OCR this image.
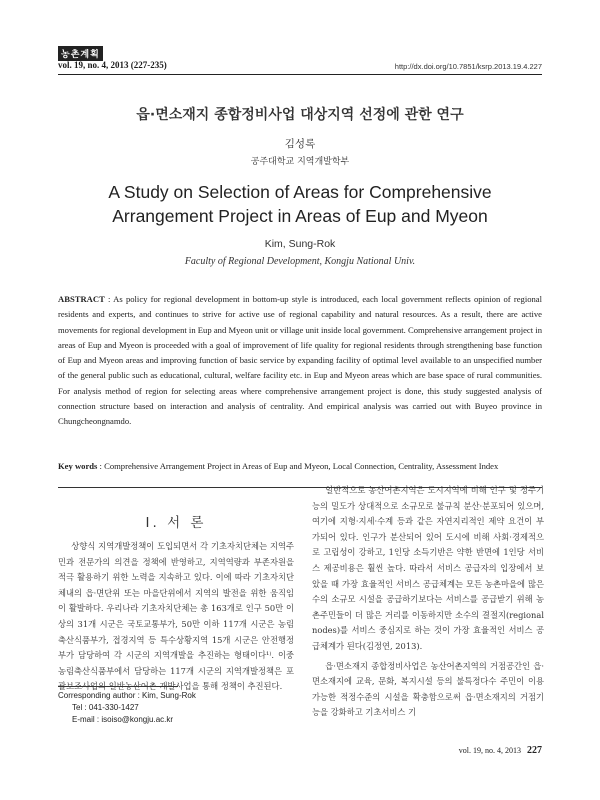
농촌계획
vol. 19, no. 4, 2013 (227-235)	http://dx.doi.org/10.7851/ksrp.2013.19.4.227
읍·면소재지 종합정비사업 대상지역 선정에 관한 연구
김성록
공주대학교 지역개발학부
A Study on Selection of Areas for Comprehensive Arrangement Project in Areas of Eup and Myeon
Kim, Sung-Rok
Faculty of Regional Development, Kongju National Univ.
ABSTRACT : As policy for regional development in bottom-up style is introduced, each local government reflects opinion of regional residents and experts, and continues to strive for active use of regional capability and natural resources. As a result, there are active movements for regional development in Eup and Myeon unit or village unit inside local government. Comprehensive arrangement project in areas of Eup and Myeon is proceeded with a goal of improvement of life quality for regional residents through strengthening base function of Eup and Myeon areas and improving function of basic service by expanding facility of optimal level available to an unspecified number of the general public such as educational, cultural, welfare facility etc. in Eup and Myeon areas which are base space of rural communities. For analysis method of region for selecting areas where comprehensive arrangement project is done, this study suggested analysis of connection structure based on interaction and analysis of centrality. And empirical analysis was carried out with Buyeo province in Chungcheongnamdo.
Key words : Comprehensive Arrangement Project in Areas of Eup and Myeon, Local Connection, Centrality, Assessment Index
Ⅰ. 서 론

상향식 지역개발정책이 도입되면서 각 기초자치단체는 지역주민과 전문가의 의견을 정책에 반영하고, 지역역량과 부존자원을 적극 활용하기 위한 노력을 지속하고 있다. 이에 따라 기초자치단체내의 읍·면단위 또는 마을단위에서 지역의 발전을 위한 움직임이 활발하다. 우리나라 기초자치단체는 총 163개로 인구 50만 이상의 31개 시군은 국토교통부가, 50만 이하 117개 시군은 농림축산식품부가, 접경지역 등 특수상황지역 15개 시군은 안전행정부가 담당하여 각 시군의 지역개발을 추진하는 형태이다¹⁾. 이중 농림축산식품부에서 담당하는 117개 시군의 지역개발정책은 포괄보조사업의 일반농산어촌 개발사업을 통해 정책이 추진된다.

일반적으로 농산어촌지역은 도시지역에 비해 인구 및 정주기능의 밀도가 상대적으로 소규모로 불규칙 분산·분포되어 있으며, 여기에 지형·지세·수계 등과 같은 자연지리적인 제약 요건이 부가되어 있다. 인구가 분산되어 있어 도시에 비해 사회·경제적으로 고립성이 강하고, 1인당 소득기반은 약한 반면에 1인당 서비스 제공비용은 훨씬 높다. 따라서 서비스 공급자의 입장에서 보았을 때 가장 효율적인 서비스 공급체계는 모든 농촌마을에 많은 수의 소규모 시설을 공급하기보다는 서비스를 공급받기 위해 농촌주민들이 더 많은 거리를 이동하지만 소수의 결절지(regional nodes)를 서비스 중심지로 하는 것이 가장 효율적인 서비스 공급체계가 된다(김정연, 2013).

읍·면소재지 종합정비사업은 농산어촌지역의 거점공간인 읍·면소재지에 교육, 문화, 복지시설 등의 불특정다수 주민이 이용 가능한 적정수준의 시설을 확충함으로써 읍·면소재지의 거점기능을 강화하고 기초서비스 기

Corresponding author : Kim, Sung-Rok
Tel : 041-330-1427
E-mail : isoiso@kongju.ac.kr
vol. 19, no. 4, 2013 227
